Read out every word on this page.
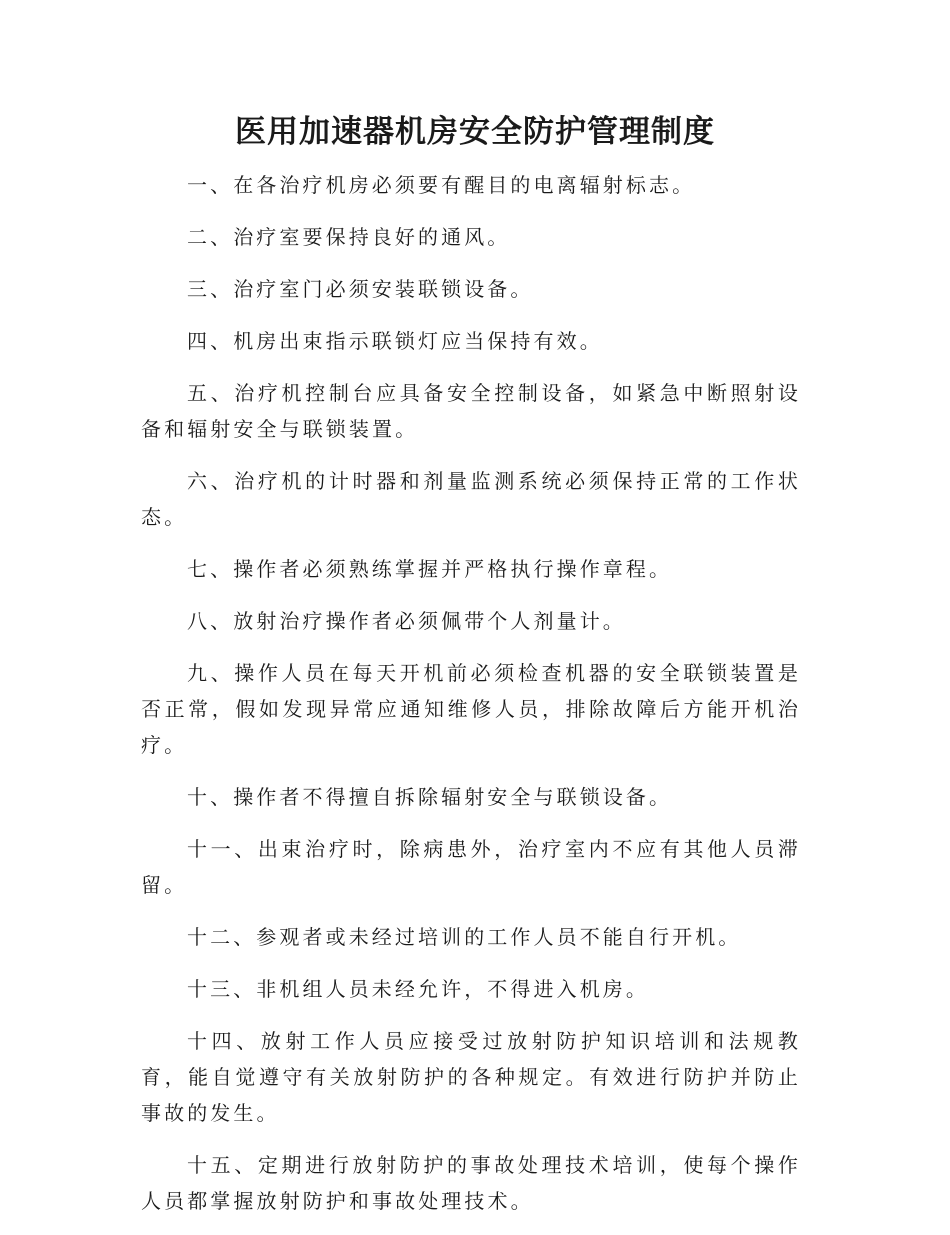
医用加速器机房安全防护管理制度

一、在各治疗机房必须要有醒目的电离辐射标志。

二、治疗室要保持良好的通风。

三、治疗室门必须安装联锁设备。

四、机房出束指示联锁灯应当保持有效。

五、治疗机控制台应具备安全控制设备，如紧急中断照射设备和辐射安全与联锁装置。

六、治疗机的计时器和剂量监测系统必须保持正常的工作状态。

七、操作者必须熟练掌握并严格执行操作章程。

八、放射治疗操作者必须佩带个人剂量计。

九、操作人员在每天开机前必须检查机器的安全联锁装置是否正常，假如发现异常应通知维修人员，排除故障后方能开机治疗。

十、操作者不得擅自拆除辐射安全与联锁设备。

十一、出束治疗时，除病患外，治疗室内不应有其他人员滞留。

十二、参观者或未经过培训的工作人员不能自行开机。

十三、非机组人员未经允许，不得进入机房。

十四、放射工作人员应接受过放射防护知识培训和法规教育，能自觉遵守有关放射防护的各种规定。有效进行防护并防止事故的发生。

十五、定期进行放射防护的事故处理技术培训，使每个操作人员都掌握放射防护和事故处理技术。
